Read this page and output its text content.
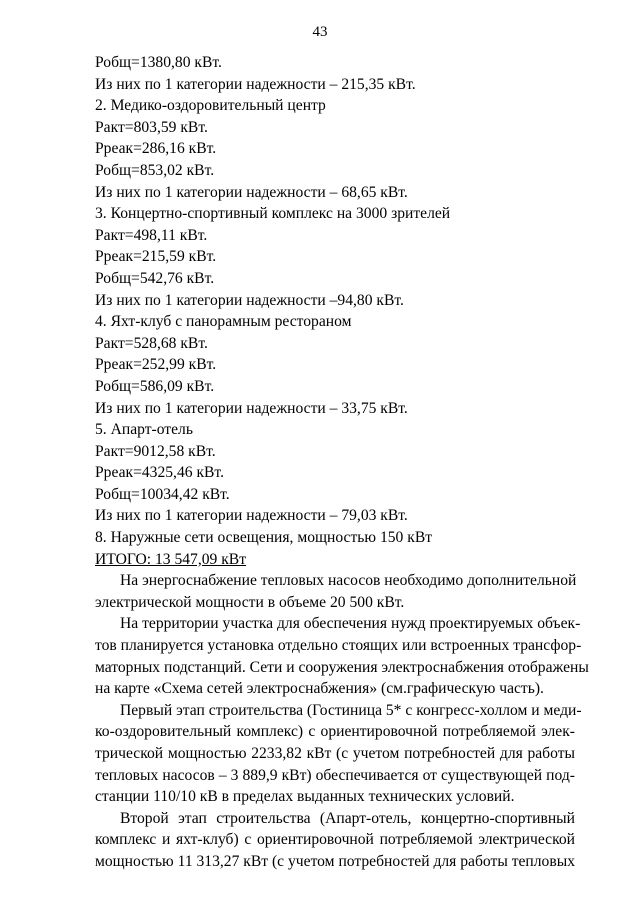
43
Робщ=1380,80 кВт.
Из них по 1 категории надежности – 215,35 кВт.
2. Медико-оздоровительный центр
Ракт=803,59 кВт.
Рреак=286,16 кВт.
Робщ=853,02 кВт.
Из них по 1 категории надежности – 68,65 кВт.
3. Концертно-спортивный комплекс на 3000 зрителей
Ракт=498,11 кВт.
Рреак=215,59 кВт.
Робщ=542,76 кВт.
Из них по 1 категории надежности –94,80 кВт.
4. Яхт-клуб с панорамным рестораном
Ракт=528,68 кВт.
Рреак=252,99 кВт.
Робщ=586,09 кВт.
Из них по 1 категории надежности – 33,75 кВт.
5. Апарт-отель
Ракт=9012,58 кВт.
Рреак=4325,46 кВт.
Робщ=10034,42 кВт.
Из них по 1 категории надежности – 79,03 кВт.
8. Наружные сети освещения, мощностью 150 кВт
ИТОГО: 13 547,09 кВт
На энергоснабжение тепловых насосов необходимо дополнительной
электрической мощности в объеме 20 500 кВт.
На территории участка для обеспечения нужд проектируемых объек-
тов планируется установка отдельно стоящих или встроенных трансфор-
маторных подстанций. Сети и сооружения электроснабжения отображены
на карте «Схема сетей электроснабжения» (см.графическую часть).
Первый этап строительства (Гостиница 5* с конгресс-холлом и меди-
ко-оздоровительный комплекс) с ориентировочной потребляемой элек-
трической мощностью 2233,82 кВт (с учетом потребностей для работы
тепловых насосов – 3 889,9 кВт) обеспечивается от существующей под-
станции 110/10 кВ в пределах выданных технических условий.
Второй этап строительства (Апарт-отель, концертно-спортивный
комплекс и яхт-клуб) с ориентировочной потребляемой электрической
мощностью 11 313,27 кВт (с учетом потребностей для работы тепловых
